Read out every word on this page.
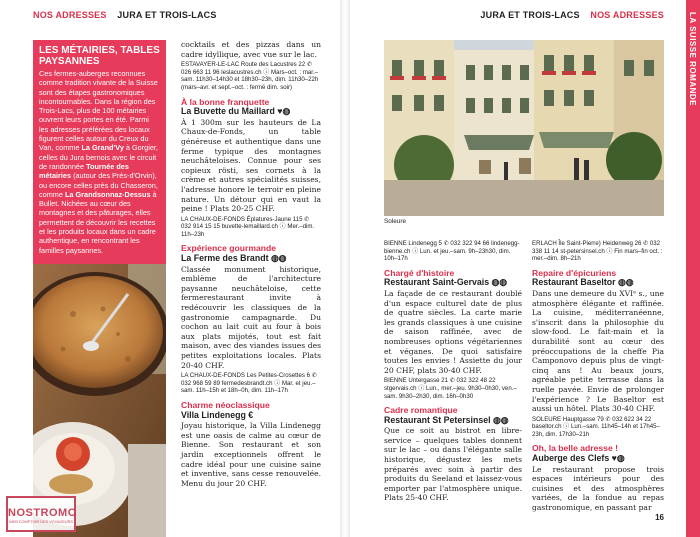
NOS ADRESSES JURA ET TROIS-LACS
LES MÉTAIRIES, TABLES PAYSANNES

Ces fermes-auberges reconnues comme tradition vivante de la Suisse sont des étapes gastronomiques incontournables. Dans la région des Trois-Lacs, plus de 100 métairies ouvrent leurs portes en été. Parmi les adresses préférées des locaux figurent celles autour du Creux du Van, comme La Grand'Vy à Gorgier, celles du Jura bernois avec le circuit de randonnée Tournée des métairies (autour des Prés-d'Orvin), ou encore celles près du Chasseron, comme La Grandsonnaz-Dessus à Bullet. Nichées au cœur des montagnes et des pâturages, elles permettent de découvrir les recettes et les produits locaux dans un cadre authentique, en rencontrant les familles paysannes.

cocktails et des pizzas dans un cadre idyllique, avec vue sur le lac.

ESTAVAYER-LE-LAC Route des Lacustres 22 ✆ 026 663 11 96 leslacustres.ch ⓘ Mars–oct. : mar.–sam. 11h30–14h30 et 18h30–23h, dim. 11h30–22h (mars–avr. et sept.–oct. : fermé dim. soir)
À la bonne franquette
La Buvette du Maillard ♥◍

À 1 300m sur les hauteurs de La Chaux-de-Fonds, un table généreuse et authentique dans une ferme typique des montagnes neuchâteloises. Connue pour ses copieux rösti, ses cornets à la crème et autres spécialités suisses, l'adresse honore le terroir en pleine nature. Un détour qui en vaut la peine ! Plats 20-25 CHF.

LA CHAUX-DE-FONDS Éplatures-Jaune 115 ✆ 032 914 15 15 buvette-lemaillard.ch ⓘ Mer.–dim. 11h–23h
Expérience gourmande
La Ferme des Brandt ◍◍

Classée monument historique, emblème de l'architecture paysanne neuchâteloise, cette fermerestaurant invite à redécouvrir les classiques de la gastronomie campagnarde. Du cochon au lait cuit au four à bois aux plats mijotés, tout est fait maison, avec des viandes issues des petites exploitations locales. Plats 20-40 CHF.

LA CHAUX-DE-FONDS Les Petites-Crosettes 6 ✆ 032 968 59 89 fermedesbrandt.ch ⓘ Mar. et jeu.–sam. 11h–15h et 18h–0h, dim. 11h–17h
Charme néoclassique
Villa Lindenegg €

Joyau historique, la Villa Lindenegg est une oasis de calme au cœur de Bienne. Son restaurant et son jardin exceptionnels offrent le cadre idéal pour une cuisine saine et inventive, sans cesse renouvelée. Menu du jour 20 CHF.

NOSTROMO
WEB COMPTOIR DES VOYAGEURS
JURA ET TROIS-LACS NOS ADRESSES
Soleure
BIENNE Lindenegg 5 ✆ 032 322 94 66 lindenegg-bienne.ch ⓘ Lun. et jeu.–sam. 9h–23h30, dim. 10h–17h
Chargé d'histoire
Restaurant Saint-Gervais ◍◍

La façade de ce restaurant doublé d'un espace culturel date de plus de quatre siècles. La carte marie les grands classiques à une cuisine de saison raffinée, avec de nombreuses options végétariennes et véganes. De quoi satisfaire toutes les envies ! Assiette du jour 20 CHF, plats 30-40 CHF.

BIENNE Untergasse 21 ✆ 032 322 48 22 stgervais.ch ⓘ Lun., mer.–jeu. 9h30–0h30, ven.–sam. 9h30–2h30, dim. 16h–0h30
Cadre romantique
Restaurant St Petersinsel ◍◍

Que ce soit au bistrot en libre-service – quelques tables donnent sur le lac – ou dans l'élégante salle historique, dégustez les mets préparés avec soin à partir des produits du Seeland et laissez-vous emporter par l'atmosphère unique. Plats 25-40 CHF.

ERLACH Île Saint-Pierre) Heidenweg 26 ✆ 032 338 11 14 st-petersinsel.ch ⓘ Fin mars–fin oct. : mer.–dim. 8h–21h
Repaire d'épicuriens
Restaurant Baseltor ◍◍

Dans une demeure du XVIᵉ s., une atmosphère élégante et raffinée. La cuisine, méditerranéenne, s'inscrit dans la philosophie du slow-food. Le fait-main et la durabilité sont au cœur des préoccupations de la cheffe Pia Camponovo depuis plus de vingt-cinq ans ! Au beaux jours, agréable petite terrasse dans la ruelle pavée. Envie de prolonger l'expérience ? Le Baseltor est aussi un hôtel. Plats 30-40 CHF.

SOLEURE Hauptgasse 79 ✆ 032 622 34 22 baseltor.ch ⓘ Lun.–sam. 11h45–14h et 17h45–23h, dim. 17h30–21h
Oh, la belle adresse !
Auberge des Clefs ♥◍

Le restaurant propose trois espaces intérieurs pour des cuisines et des atmosphères variées, de la fondue au repas gastronomique, en passant par

LA SUISSE ROMANDE
16
